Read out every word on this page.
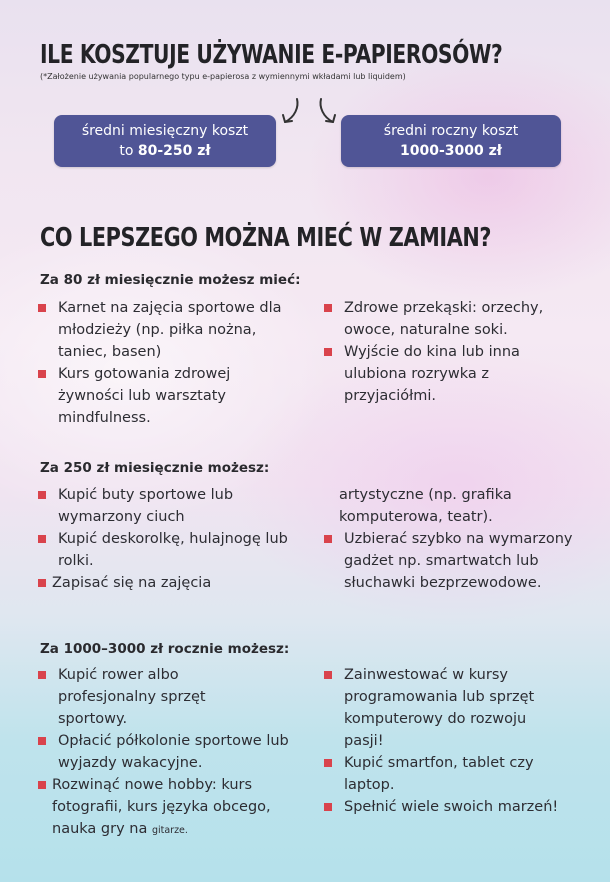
ILE KOSZTUJE UŻYWANIE E-PAPIEROSÓW?
(*Założenie używania popularnego typu e-papierosa z wymiennymi wkładami lub liquidem)
średni miesięczny koszt
to 80-250 zł
średni roczny koszt
1000-3000 zł
CO LEPSZEGO MOŻNA MIEĆ W ZAMIAN?
Za 80 zł miesięcznie możesz mieć:
Karnet na zajęcia sportowe dla młodzieży (np. piłka nożna, taniec, basen)
Kurs gotowania zdrowej żywności lub warsztaty mindfulness.
Zdrowe przekąski: orzechy, owoce, naturalne soki.
Wyjście do kina lub inna ulubiona rozrywka z przyjaciółmi.
Za 250 zł miesięcznie możesz:
Kupić buty sportowe lub wymarzony ciuch
Kupić deskorolkę, hulajnogę lub rolki.
Zapisać się na zajęcia
artystyczne (np. grafika komputerowa, teatr).
Uzbierać szybko na wymarzony gadżet np. smartwatch lub słuchawki bezprzewodowe.
Za 1000–3000 zł rocznie możesz:
Kupić rower albo profesjonalny sprzęt sportowy.
Opłacić półkolonie sportowe lub wyjazdy wakacyjne.
Rozwinąć nowe hobby: kurs fotografii, kurs języka obcego, nauka gry na gitarze.
Zainwestować w kursy programowania lub sprzęt komputerowy do rozwoju pasji!
Kupić smartfon, tablet czy laptop.
Spełnić wiele swoich marzeń!
